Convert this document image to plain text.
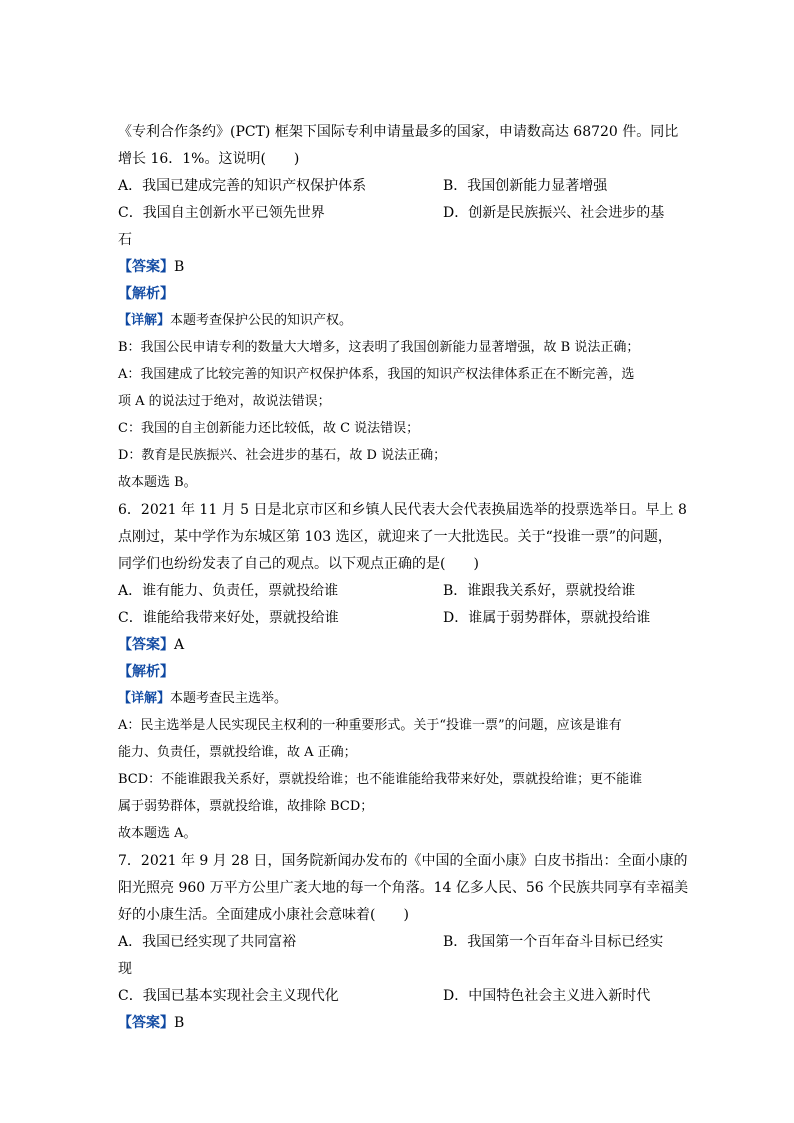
《专利合作条约》(PCT) 框架下国际专利申请量最多的国家，申请数高达 68720 件。同比
增长 16．1%。这说明(　　)
A．我国已建成完善的知识产权保护体系	B．我国创新能力显著增强
C．我国自主创新水平已领先世界	D．创新是民族振兴、社会进步的基
石
【答案】B
【解析】
【详解】本题考查保护公民的知识产权。
B：我国公民申请专利的数量大大增多，这表明了我国创新能力显著增强，故 B 说法正确；
A：我国建成了比较完善的知识产权保护体系，我国的知识产权法律体系正在不断完善，选
项 A 的说法过于绝对，故说法错误；
C：我国的自主创新能力还比较低，故 C 说法错误；
D：教育是民族振兴、社会进步的基石，故 D 说法正确；
故本题选 B。
6．2021 年 11 月 5 日是北京市区和乡镇人民代表大会代表换届选举的投票选举日。早上 8
点刚过，某中学作为东城区第 103 选区，就迎来了一大批选民。关于“投谁一票”的问题，
同学们也纷纷发表了自己的观点。以下观点正确的是(　　)
A．谁有能力、负责任，票就投给谁	B．谁跟我关系好，票就投给谁
C．谁能给我带来好处，票就投给谁	D．谁属于弱势群体，票就投给谁
【答案】A
【解析】
【详解】本题考查民主选举。
A：民主选举是人民实现民主权利的一种重要形式。关于“投谁一票”的问题，应该是谁有
能力、负责任，票就投给谁，故 A 正确；
BCD：不能谁跟我关系好，票就投给谁；也不能谁能给我带来好处，票就投给谁；更不能谁
属于弱势群体，票就投给谁，故排除 BCD；
故本题选 A。
7．2021 年 9 月 28 日，国务院新闻办发布的《中国的全面小康》白皮书指出：全面小康的
阳光照亮 960 万平方公里广袤大地的每一个角落。14 亿多人民、56 个民族共同享有幸福美
好的小康生活。全面建成小康社会意味着(　　)
A．我国已经实现了共同富裕	B．我国第一个百年奋斗目标已经实
现
C．我国已基本实现社会主义现代化	D．中国特色社会主义进入新时代
【答案】B
